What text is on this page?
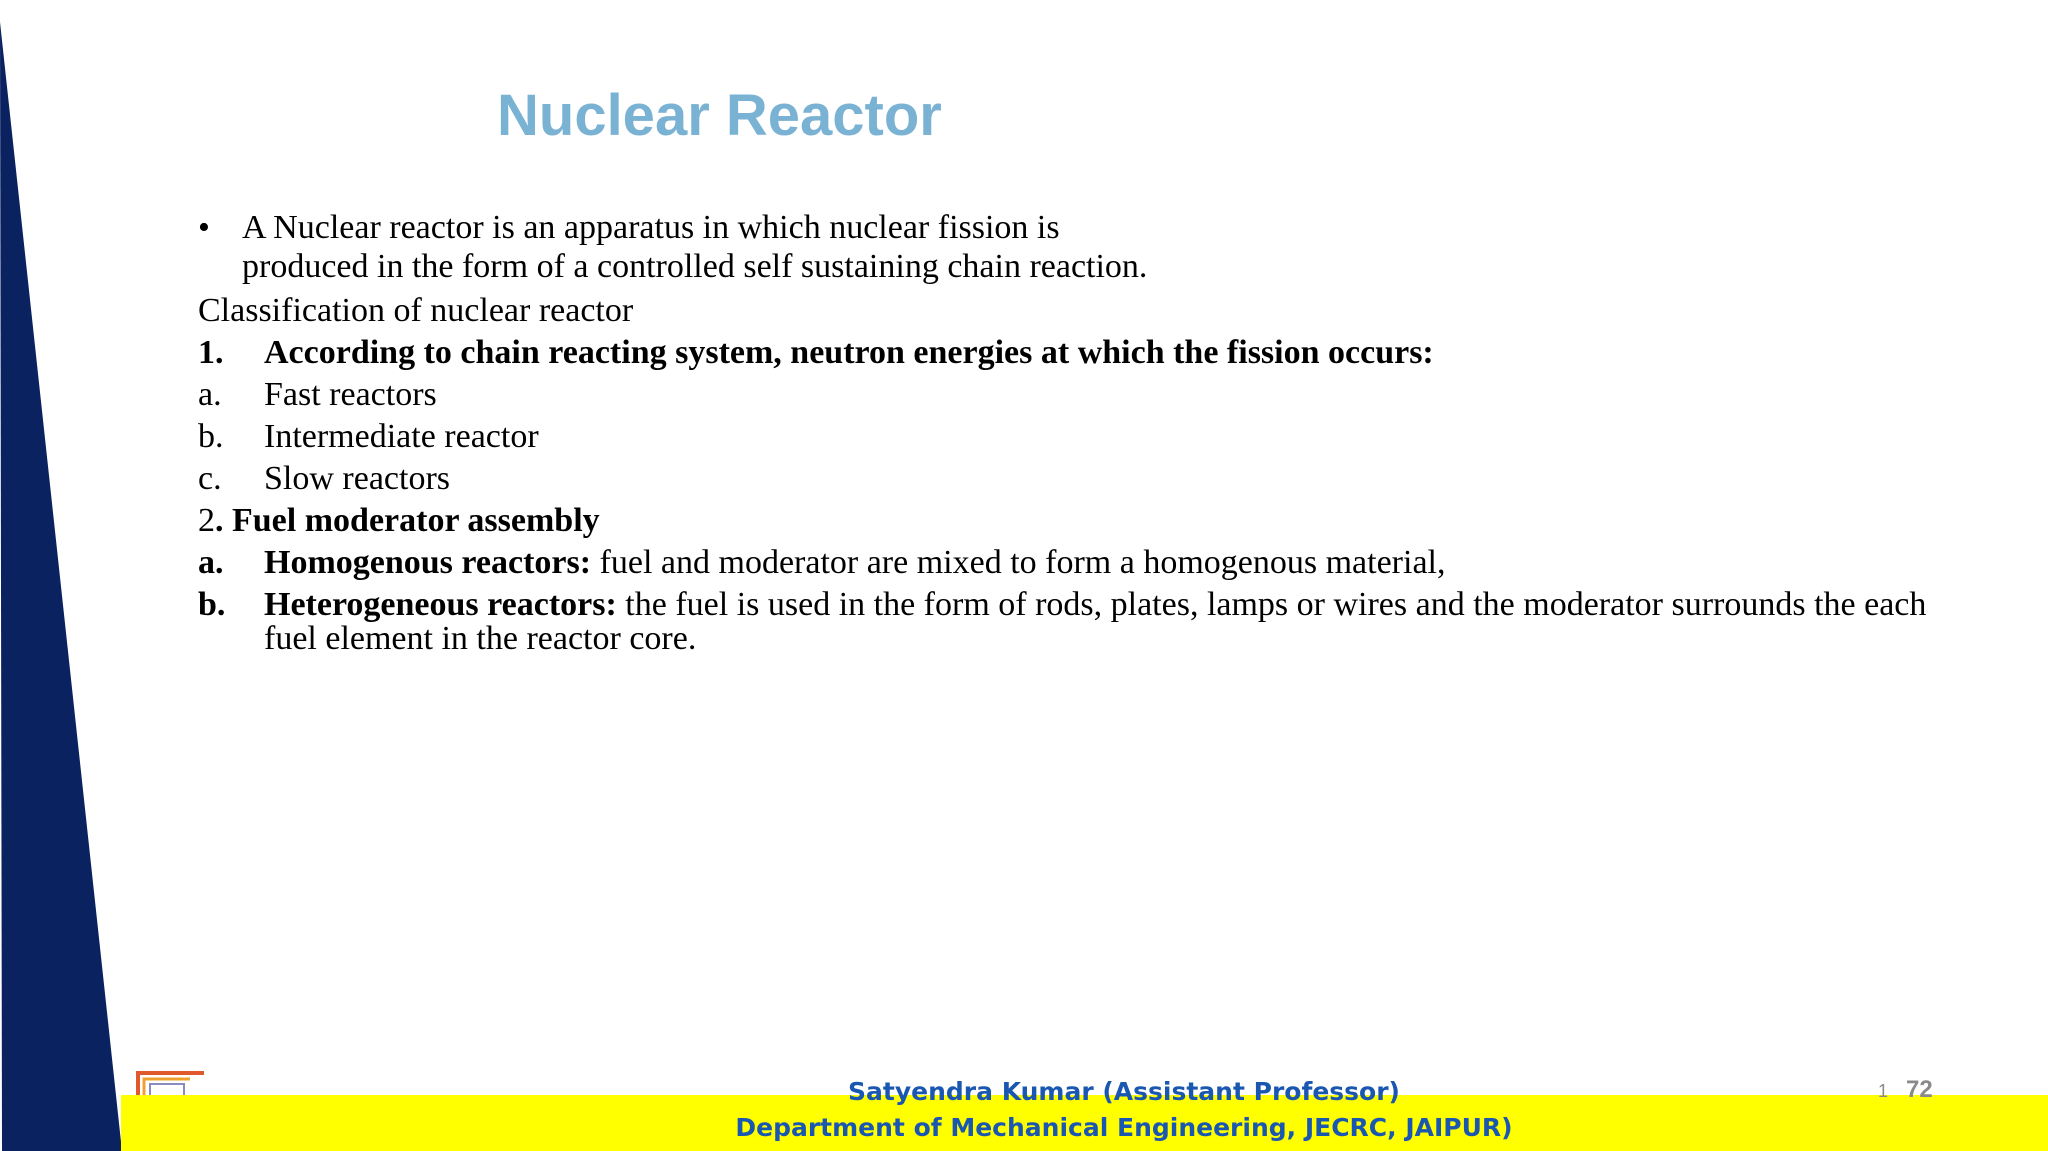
Nuclear Reactor
• A Nuclear reactor is an apparatus in which nuclear fission is
produced in the form of a controlled self sustaining chain reaction.
Classification of nuclear reactor
1. According to chain reacting system, neutron energies at which the fission occurs:
a. Fast reactors
b. Intermediate reactor
c. Slow reactors
2. Fuel moderator assembly
a. Homogenous reactors: fuel and moderator are mixed to form a homogenous material,
b. Heterogeneous reactors: the fuel is used in the form of rods, plates, lamps or wires and the moderator surrounds the each fuel element in the reactor core.
Satyendra Kumar (Assistant Professor)
Department of Mechanical Engineering, JECRC, JAIPUR)
1 72
